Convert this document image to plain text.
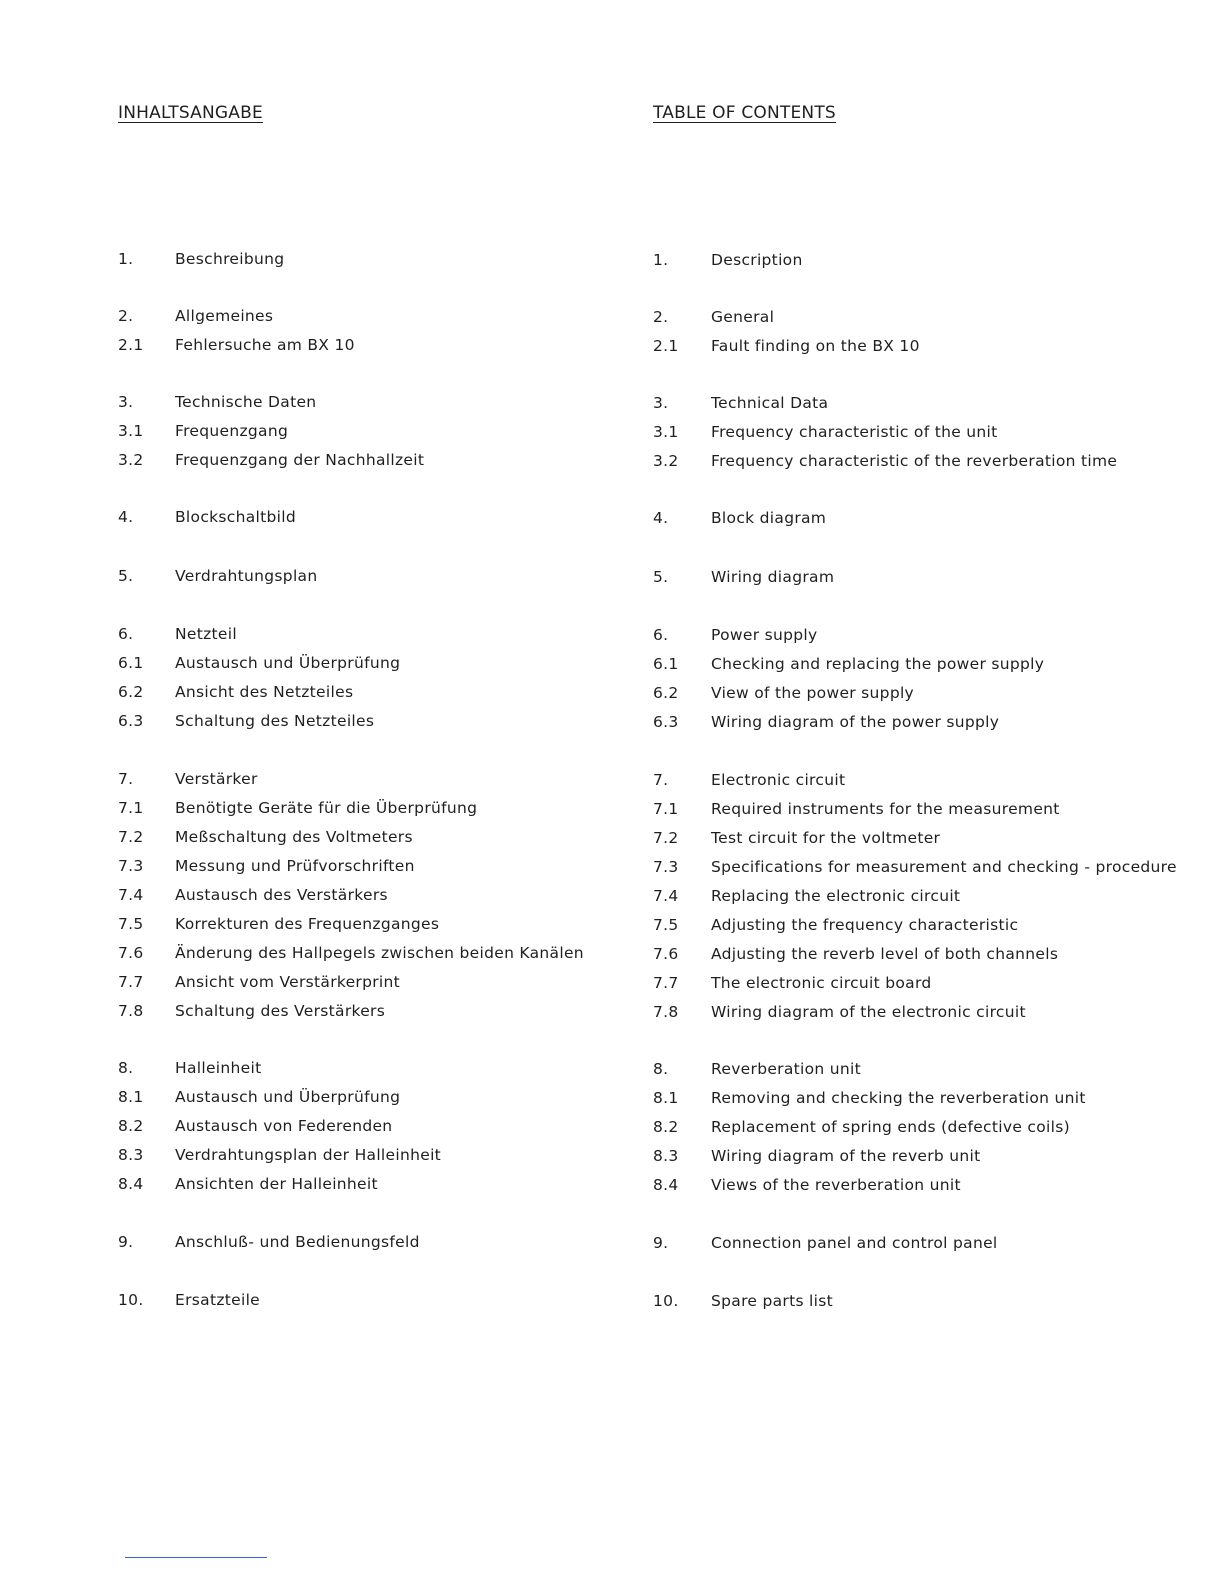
INHALTSANGABE	TABLE OF CONTENTS
1.	Beschreibung
2.	Allgemeines
2.1 Fehlersuche am BX 10
3.	Technische Daten
3.1 Frequenzgang
3.2 Frequenzgang der Nachhallzeit
4.	Blockschaltbild
5.	Verdrahtungsplan
6.	Netzteil
6.1 Austausch und Überprüfung
6.2 Ansicht des Netzteiles
6.3 Schaltung des Netzteiles
7.	Verstärker
7.1 Benötigte Geräte für die Überprüfung
7.2 Meßschaltung des Voltmeters
7.3 Messung und Prüfvorschriften
7.4 Austausch des Verstärkers
7.5 Korrekturen des Frequenzganges
7.6 Änderung des Hallpegels zwischen beiden Kanälen
7.7 Ansicht vom Verstärkerprint
7.8 Schaltung des Verstärkers
8.	Halleinheit
8.1 Austausch und Überprüfung
8.2 Austausch von Federenden
8.3 Verdrahtungsplan der Halleinheit
8.4 Ansichten der Halleinheit
9.	Anschluß- und Bedienungsfeld
10. Ersatzteile
1.	Description
2.	General
2.1 Fault finding on the BX 10
3.	Technical Data
3.1 Frequency characteristic of the unit
3.2 Frequency characteristic of the reverberation time
4.	Block diagram
5.	Wiring diagram
6.	Power supply
6.1 Checking and replacing the power supply
6.2 View of the power supply
6.3 Wiring diagram of the power supply
7.	Electronic circuit
7.1 Required instruments for the measurement
7.2 Test circuit for the voltmeter
7.3 Specifications for measurement and checking - procedure
7.4 Replacing the electronic circuit
7.5 Adjusting the frequency characteristic
7.6 Adjusting the reverb level of both channels
7.7 The electronic circuit board
7.8 Wiring diagram of the electronic circuit
8.	Reverberation unit
8.1 Removing and checking the reverberation unit
8.2 Replacement of spring ends (defective coils)
8.3 Wiring diagram of the reverb unit
8.4 Views of the reverberation unit
9.	Connection panel and control panel
10. Spare parts list
